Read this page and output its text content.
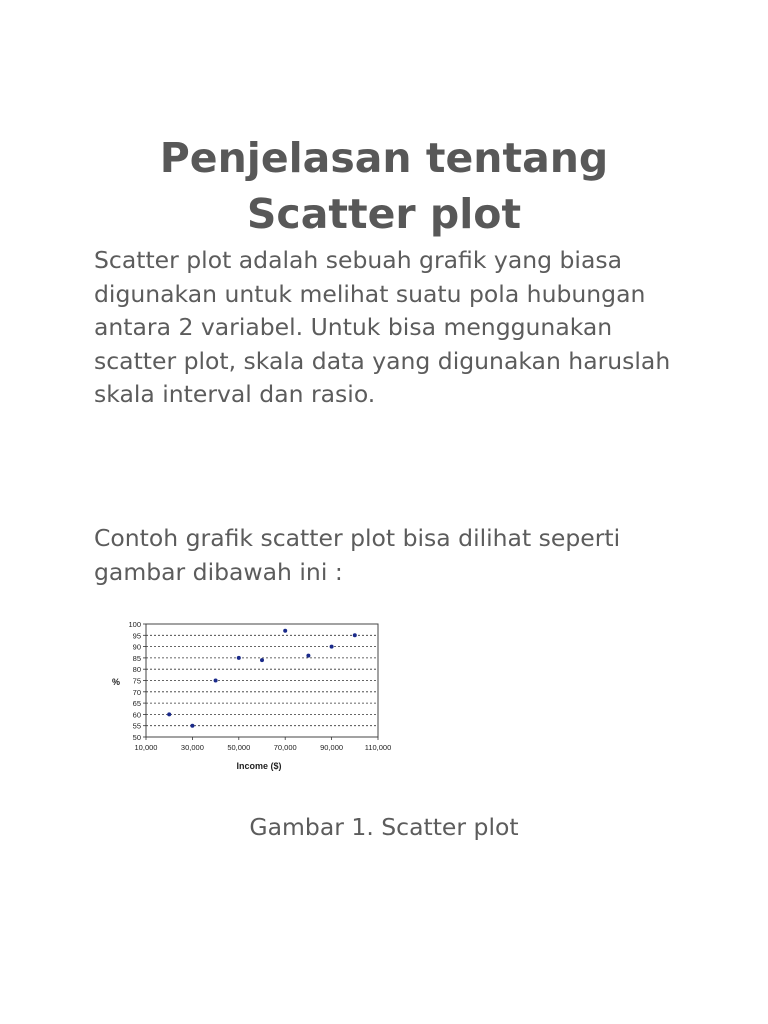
Penjelasan tentang
Scatter plot

Scatter plot adalah sebuah grafik yang biasa digunakan untuk melihat suatu pola hubungan antara 2 variabel. Untuk bisa menggunakan scatter plot, skala data yang digunakan haruslah skala interval dan rasio.

Contoh grafik scatter plot bisa dilihat seperti gambar dibawah ini :

50
55
60
65
70
75
80
85
90
95
100
10,000	30,000	50,000	70,000	90,000	110,000
%
Income ($)

Gambar 1. Scatter plot
